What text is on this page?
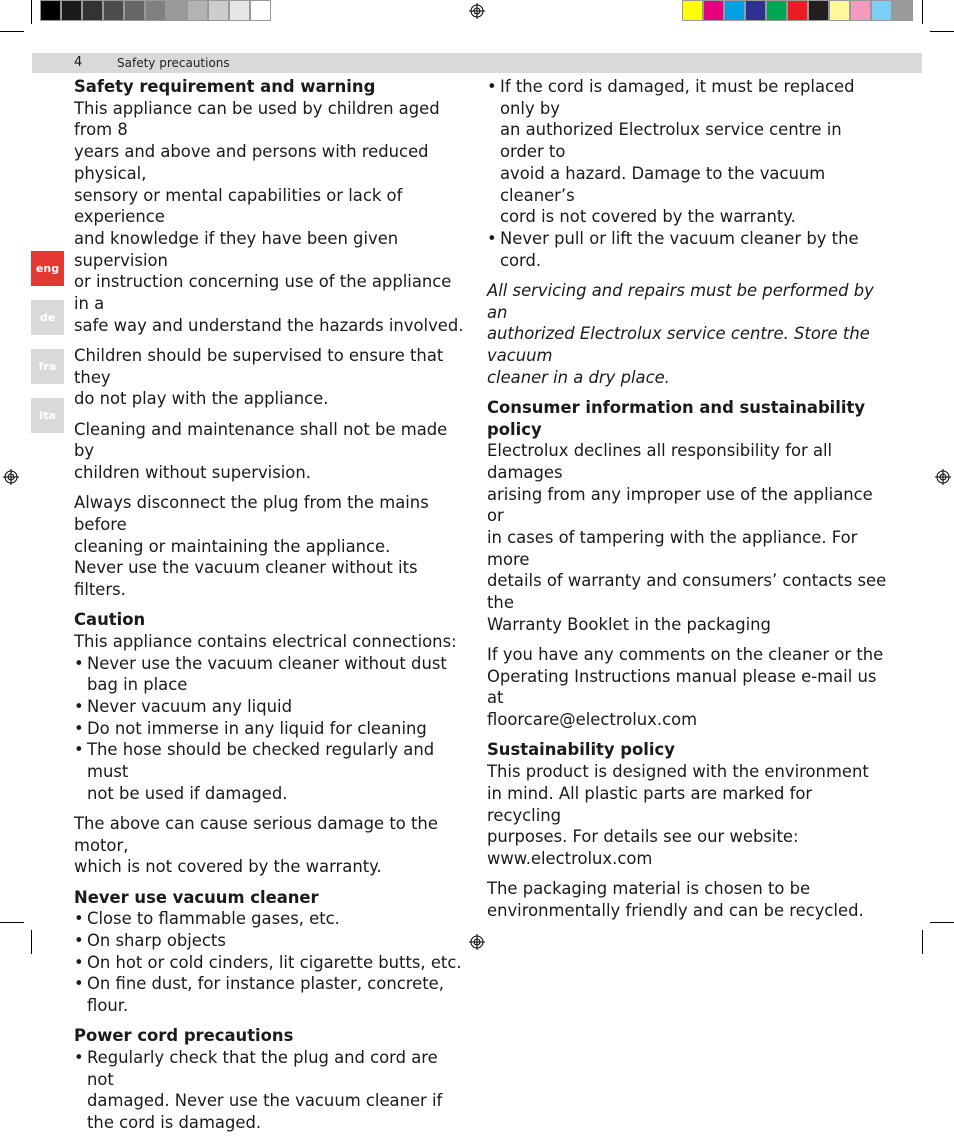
4	Safety precautions
eng
de
fra
Ita
Safety requirement and warning

This appliance can be used by children aged from 8
years and above and persons with reduced physical,
sensory or mental capabilities or lack of experience
and knowledge if they have been given supervision
or instruction concerning use of the appliance in a
safe way and understand the hazards involved.

Children should be supervised to ensure that they
do not play with the appliance.

Cleaning and maintenance shall not be made by
children without supervision.

Always disconnect the plug from the mains before
cleaning or maintaining the appliance.

Never use the vacuum cleaner without its filters.

Caution

This appliance contains electrical connections:

• Never use the vacuum cleaner without dust
bag in place
• Never vacuum any liquid
• Do not immerse in any liquid for cleaning
• The hose should be checked regularly and must
not be used if damaged.

The above can cause serious damage to the motor,
which is not covered by the warranty.

Never use vacuum cleaner
• Close to flammable gases, etc.
• On sharp objects
• On hot or cold cinders, lit cigarette butts, etc.
• On fine dust, for instance plaster, concrete, flour.
Power cord precautions
• Regularly check that the plug and cord are not
damaged. Never use the vacuum cleaner if
the cord is damaged.
• If the cord is damaged, it must be replaced only by
an authorized Electrolux service centre in order to
avoid a hazard. Damage to the vacuum cleaner’s
cord is not covered by the warranty.
• Never pull or lift the vacuum cleaner by the cord.

All servicing and repairs must be performed by an
authorized Electrolux service centre. Store the vacuum
cleaner in a dry place.

Consumer information and sustainability policy

Electrolux declines all responsibility for all damages
arising from any improper use of the appliance or
in cases of tampering with the appliance. For more
details of warranty and consumers’ contacts see the
Warranty Booklet in the packaging

If you have any comments on the cleaner or the
Operating Instructions manual please e-mail us at
floorcare@electrolux.com

Sustainability policy

This product is designed with the environment
in mind. All plastic parts are marked for recycling
purposes. For details see our website:
www.electrolux.com

The packaging material is chosen to be
environmentally friendly and can be recycled.
